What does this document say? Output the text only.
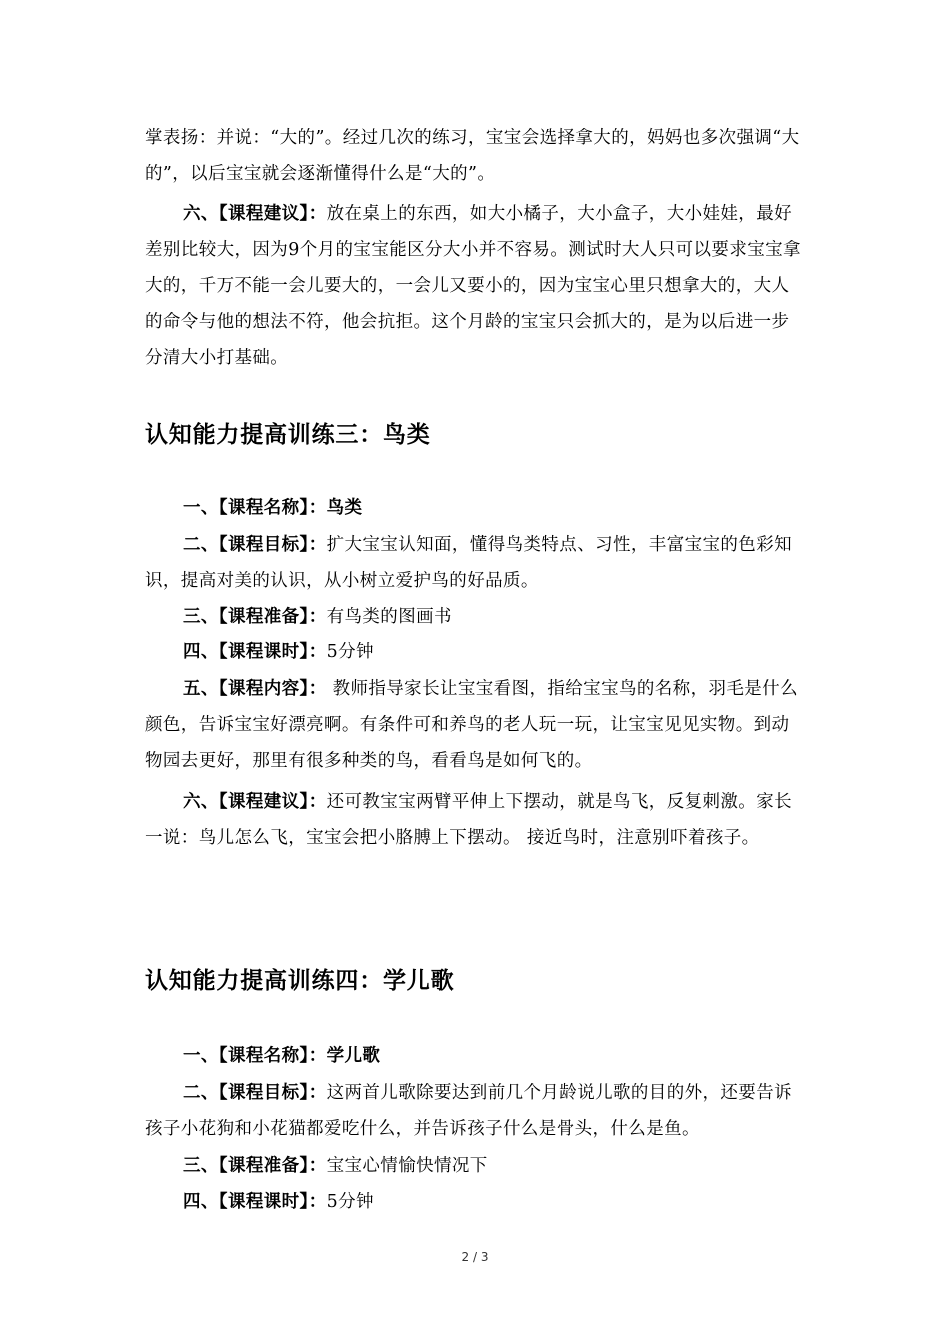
掌表扬：并说：“大的”。经过几次的练习，宝宝会选择拿大的，妈妈也多次强调“大的”，以后宝宝就会逐渐懂得什么是“大的”。

六、【课程建议】：放在桌上的东西，如大小橘子，大小盒子，大小娃娃，最好差别比较大，因为9个月的宝宝能区分大小并不容易。测试时大人只可以要求宝宝拿大的，千万不能一会儿要大的，一会儿又要小的，因为宝宝心里只想拿大的，大人的命令与他的想法不符，他会抗拒。这个月龄的宝宝只会抓大的，是为以后进一步分清大小打基础。

认知能力提高训练三：鸟类

一、【课程名称】：鸟类

二、【课程目标】：扩大宝宝认知面，懂得鸟类特点、习性，丰富宝宝的色彩知识，提高对美的认识，从小树立爱护鸟的好品质。

三、【课程准备】：有鸟类的图画书

四、【课程课时】：5分钟

五、【课程内容】： 教师指导家长让宝宝看图，指给宝宝鸟的名称，羽毛是什么颜色，告诉宝宝好漂亮啊。有条件可和养鸟的老人玩一玩，让宝宝见见实物。到动物园去更好，那里有很多种类的鸟，看看鸟是如何飞的。

六、【课程建议】：还可教宝宝两臂平伸上下摆动，就是鸟飞，反复刺激。家长一说：鸟儿怎么飞，宝宝会把小胳膊上下摆动。 接近鸟时，注意别吓着孩子。

认知能力提高训练四：学儿歌

一、【课程名称】：学儿歌

二、【课程目标】：这两首儿歌除要达到前几个月龄说儿歌的目的外，还要告诉孩子小花狗和小花猫都爱吃什么，并告诉孩子什么是骨头，什么是鱼。

三、【课程准备】：宝宝心情愉快情况下

四、【课程课时】：5分钟

2 / 3
